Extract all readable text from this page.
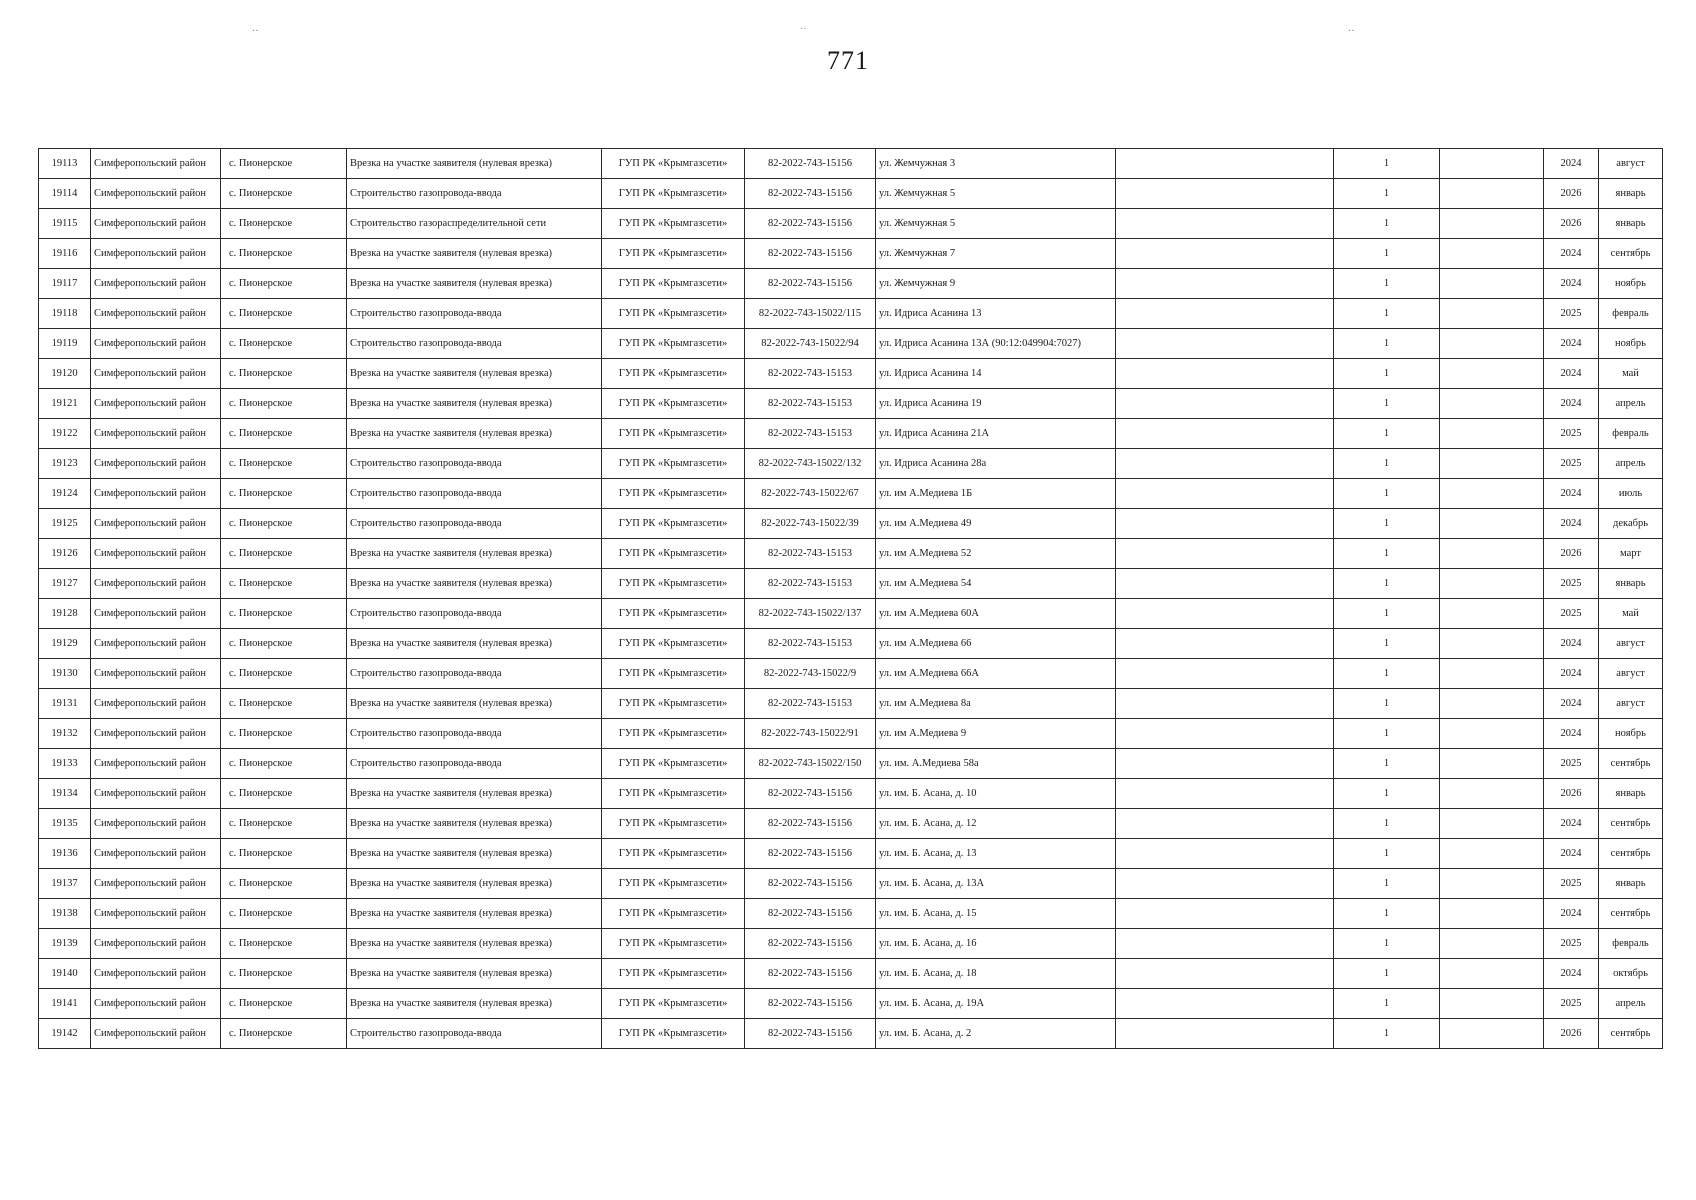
771
··	··	··
19113	Симферопольский район	с. Пионерское	Врезка на участке заявителя (нулевая врезка)	ГУП РК «Крымгазсети»	82-2022-743-15156	ул. Жемчужная 3		1		2024	август
19114	Симферопольский район	с. Пионерское	Строительство газопровода-ввода	ГУП РК «Крымгазсети»	82-2022-743-15156	ул. Жемчужная 5		1		2026	январь
19115	Симферопольский район	с. Пионерское	Строительство газораспределительной сети	ГУП РК «Крымгазсети»	82-2022-743-15156	ул. Жемчужная 5		1		2026	январь
19116	Симферопольский район	с. Пионерское	Врезка на участке заявителя (нулевая врезка)	ГУП РК «Крымгазсети»	82-2022-743-15156	ул. Жемчужная 7		1		2024	сентябрь
19117	Симферопольский район	с. Пионерское	Врезка на участке заявителя (нулевая врезка)	ГУП РК «Крымгазсети»	82-2022-743-15156	ул. Жемчужная 9		1		2024	ноябрь
19118	Симферопольский район	с. Пионерское	Строительство газопровода-ввода	ГУП РК «Крымгазсети»	82-2022-743-15022/115	ул. Идриса Асанина 13		1		2025	февраль
19119	Симферопольский район	с. Пионерское	Строительство газопровода-ввода	ГУП РК «Крымгазсети»	82-2022-743-15022/94	ул. Идриса Асанина 13А (90:12:049904:7027)		1		2024	ноябрь
19120	Симферопольский район	с. Пионерское	Врезка на участке заявителя (нулевая врезка)	ГУП РК «Крымгазсети»	82-2022-743-15153	ул. Идриса Асанина 14		1		2024	май
19121	Симферопольский район	с. Пионерское	Врезка на участке заявителя (нулевая врезка)	ГУП РК «Крымгазсети»	82-2022-743-15153	ул. Идриса Асанина 19		1		2024	апрель
19122	Симферопольский район	с. Пионерское	Врезка на участке заявителя (нулевая врезка)	ГУП РК «Крымгазсети»	82-2022-743-15153	ул. Идриса Асанина 21А		1		2025	февраль
19123	Симферопольский район	с. Пионерское	Строительство газопровода-ввода	ГУП РК «Крымгазсети»	82-2022-743-15022/132	ул. Идриса Асанина 28а		1		2025	апрель
19124	Симферопольский район	с. Пионерское	Строительство газопровода-ввода	ГУП РК «Крымгазсети»	82-2022-743-15022/67	ул. им А.Медиева 1Б		1		2024	июль
19125	Симферопольский район	с. Пионерское	Строительство газопровода-ввода	ГУП РК «Крымгазсети»	82-2022-743-15022/39	ул. им А.Медиева 49		1		2024	декабрь
19126	Симферопольский район	с. Пионерское	Врезка на участке заявителя (нулевая врезка)	ГУП РК «Крымгазсети»	82-2022-743-15153	ул. им А.Медиева 52		1		2026	март
19127	Симферопольский район	с. Пионерское	Врезка на участке заявителя (нулевая врезка)	ГУП РК «Крымгазсети»	82-2022-743-15153	ул. им А.Медиева 54		1		2025	январь
19128	Симферопольский район	с. Пионерское	Строительство газопровода-ввода	ГУП РК «Крымгазсети»	82-2022-743-15022/137	ул. им А.Медиева 60А		1		2025	май
19129	Симферопольский район	с. Пионерское	Врезка на участке заявителя (нулевая врезка)	ГУП РК «Крымгазсети»	82-2022-743-15153	ул. им А.Медиева 66		1		2024	август
19130	Симферопольский район	с. Пионерское	Строительство газопровода-ввода	ГУП РК «Крымгазсети»	82-2022-743-15022/9	ул. им А.Медиева 66А		1		2024	август
19131	Симферопольский район	с. Пионерское	Врезка на участке заявителя (нулевая врезка)	ГУП РК «Крымгазсети»	82-2022-743-15153	ул. им А.Медиева 8а		1		2024	август
19132	Симферопольский район	с. Пионерское	Строительство газопровода-ввода	ГУП РК «Крымгазсети»	82-2022-743-15022/91	ул. им А.Медиева 9		1		2024	ноябрь
19133	Симферопольский район	с. Пионерское	Строительство газопровода-ввода	ГУП РК «Крымгазсети»	82-2022-743-15022/150	ул. им. А.Медиева 58а		1		2025	сентябрь
19134	Симферопольский район	с. Пионерское	Врезка на участке заявителя (нулевая врезка)	ГУП РК «Крымгазсети»	82-2022-743-15156	ул. им. Б. Асана, д. 10		1		2026	январь
19135	Симферопольский район	с. Пионерское	Врезка на участке заявителя (нулевая врезка)	ГУП РК «Крымгазсети»	82-2022-743-15156	ул. им. Б. Асана, д. 12		1		2024	сентябрь
19136	Симферопольский район	с. Пионерское	Врезка на участке заявителя (нулевая врезка)	ГУП РК «Крымгазсети»	82-2022-743-15156	ул. им. Б. Асана, д. 13		1		2024	сентябрь
19137	Симферопольский район	с. Пионерское	Врезка на участке заявителя (нулевая врезка)	ГУП РК «Крымгазсети»	82-2022-743-15156	ул. им. Б. Асана, д. 13А		1		2025	январь
19138	Симферопольский район	с. Пионерское	Врезка на участке заявителя (нулевая врезка)	ГУП РК «Крымгазсети»	82-2022-743-15156	ул. им. Б. Асана, д. 15		1		2024	сентябрь
19139	Симферопольский район	с. Пионерское	Врезка на участке заявителя (нулевая врезка)	ГУП РК «Крымгазсети»	82-2022-743-15156	ул. им. Б. Асана, д. 16		1		2025	февраль
19140	Симферопольский район	с. Пионерское	Врезка на участке заявителя (нулевая врезка)	ГУП РК «Крымгазсети»	82-2022-743-15156	ул. им. Б. Асана, д. 18		1		2024	октябрь
19141	Симферопольский район	с. Пионерское	Врезка на участке заявителя (нулевая врезка)	ГУП РК «Крымгазсети»	82-2022-743-15156	ул. им. Б. Асана, д. 19А		1		2025	апрель
19142	Симферопольский район	с. Пионерское	Строительство газопровода-ввода	ГУП РК «Крымгазсети»	82-2022-743-15156	ул. им. Б. Асана, д. 2		1		2026	сентябрь
